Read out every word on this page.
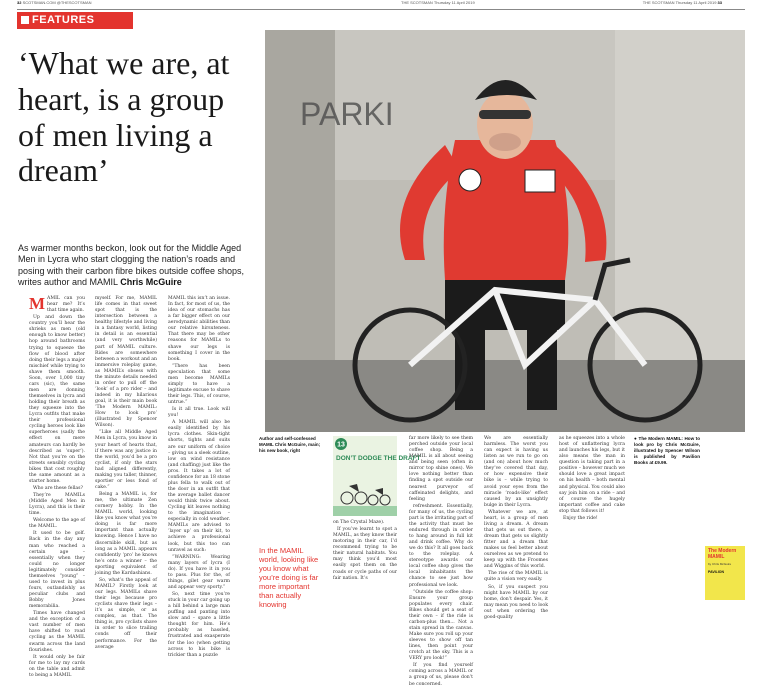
32 SCOTSMAN.COM @THESCOTSMAN	THE SCOTSMAN Thursday 11 April 2019	THE SCOTSMAN Thursday 11 April 2019 33
FEATURES
‘What we are, at heart, is a group of men living a dream’
As warmer months beckon, look out for the Middle Aged Men in Lycra who start clogging the nation’s roads and posing with their carbon fibre bikes outside coffee shops, writes author and MAMIL Chris McGuire
PARKI
Author and self-confessed MAMIL Chris McGuire, main; his new book, right
In the MAMIL world, looking like you know what you’re doing is far more important than actually knowing

MAMIL can you hear me? It’s that time again.

Up and down the country you’ll hear the shrieks as men (old enough to know better) hop around bathrooms trying to squeeze the flow of blood after doing their legs a major mischief while trying to shave them smooth. Soon, over 1,000 tiny cars (sic), the same men are donning themselves in lycra and holding their breath as they squeeze into the Lycra outfits that make their professional cycling heroes look like superheroes (sadly the effect on mere amateurs can hardly be described as ‘super’). Not that you’re on the streets sensibly cycling bikes that cost roughly the same amount as a starter home.

Who are these fellas?

They’re MAMILs (Middle Aged Men in Lycra), and this is their time.

Welcome to the age of the MAMIL.

It used to be golf. Back in the day any man who reached a certain age – essentially when they could no longer legitimately consider themselves “young” – used to invest in plus fours, outlandishly as peculiar clubs and Bobby Jones memorabilia.

Times have changed and the exception of a vast number of men have shifted to road cycling as the MAMIL swarm across the land flourishes.

It would only be fair for me to lay my cards on the table and admit to being a MAMIL

myself. For me, MAMIL life comes in that sweet spot that is the intersection between a healthy lifestyle and living in a fantasy world, listing in detail is an essential (and very worthwhile) part of MAMIL culture. Rides are somewhere between a workout and an immersive roleplay game, as MAMIL’s obsess with the minute details needed in order to pull off the ‘look’ of a pro rider – and indeed in my hilarious goal, it is their main book ‘The Modern MAMIL: How to look pro’ (illustrated by Spencer Wilson).

“Like all Middle Aged Men in Lycra, you know in your heart of hearts that, if there was any justice in the world, you’d be a pro cyclist, if only the stars had aligned differently, making you taller, thinner, sportier or less fond of cake.”

Being a MAMIL is, for me, the ultimate Zen cornery hobby. In the MAMIL world, looking like you know what you’re doing is far more important than actually knowing. Hence I have no discernible skill, but as long as a MAMIL appears confidently ‘pro’ he knows he’s onto a winner – the sporting equivalent of joining the Kardashians.

So, what’s the appeal of MAMIL? Firstly look at our legs. MAMILs shave their legs because pro cyclists shave their legs – it’s as simple, or as complex, as that. The thing is, pro cyclists shave in order to slice trailing conds off their performance. For the average

MAMIL this isn’t an issue. In fact, for most of us, the idea of our stomachs has a far bigger effect on our aerodynamic abilities than our relative hirsuteness. That there may be other reasons for MAMILs to shave our legs is something I cover in the book.

“There has been speculation that some men become MAMILs simply to have a legitimate excuse to shave their legs. This, of course, untrue.”

Is it all true. Look will you!

A MAMIL will also be easily identified by his lycra clothes. Skin-tight shorts, tights and suits are our uniform of choice – giving us a sleek outline, low on wind resistance (and chaffing) just like the pros. It takes a lot of confidence for an 18 stone plus fella to walk out of the door in an outfit that the average ballet dancer would think twice about. Cycling kit leaves nothing to the imagination – especially in cold weather. MAMILs are advised to ‘layer up’ on their kit, to achieve a professional look, but this too can unravel as such:

“WARNING: Wearing many layers of lycra (I do). If you have it in you to pass. Plus for the, of things, gilet gear warm and appear very sporty.”

So, next time you’re stuck in your car going up a hill behind a large man puffing and panting into slow and – spare a little thought for him. He’s probably as hassled, frustrated and exasperate for the loo (when getting across to his bike is trickier than a puzzle

13
DON’T DODGE THE DRAFT

on The Crystal Maze).

If you’ve learnt to spot a MAMIL, as they know their motoring in their car, I’d recommend trying to be their natural habitats. You may think you’d most easily spot them on the roads or cycle paths of our fair nation. It’s

far more likely to see them perched outside your local coffee shop. Being a MAMIL is all about seeing and being seen (often in mirror top shine ones). We love nothing better than finding a spot outside our nearest purveyor of caffeinated delights, and feeling

refreshment. Essentially, for many of us, the cycling part is the irritating part of the activity that must be endured through in order to hang around in full kit and drink coffee. Why do we do this? It all goes back to the roleplay. A stereotype awards our local coffee shop gives the local inhabitants the chance to see just how professional we look.

“Outside the coffee shop: Ensure your group populates every chair. Bikes should get a seat of their own – if the ride is carbon-plus then... Not a stain spread in the canvas. Make sure you roll up your sleeves to show off tan lines, then point your crotch at the sky. This is a VERY pro look!”

If you find yourself coming across a MAMIL or a group of us, please don’t be concerned.

We are essentially harmless. The worst you can expect is having us listen as we run to go on (and on) about how much they’ve covered that day, or how expensive their bike is – while trying to avoid your eyes from the miracle ‘roads-like’ effect caused by an unsightly bulge in their Lycra.

Whatever we are, at heart, is a group of men living a dream. A dream that gets us out there, a dream that gets us slightly fitter and a dream that makes us feel better about ourselves as we pretend to keep up with the Froomes and Wiggins of this world.

The rise of the MAMIL is quite a vision very easily.

So, if you suspect you might have MAMIL by our home, don’t despair. Yes, it may mean you need to look out when ordering the good-quality

as he squeezes into a whole host of unflattering lycra and launches his legs, but it also means the man in question is taking part in a positive – however much we should love a great impact on his health – both mental and physical. You could also say join him on a ride – and of course the hugely important coffee and cake stop that follows it!

Enjoy the ride!

● The Modern MAMIL: How to look pro by Chris McGuire, illustrated by Spencer Wilson is published by Pavilion Books at £9.99.

The Modern MAMIL
by Chris McGuire
PAVILION
